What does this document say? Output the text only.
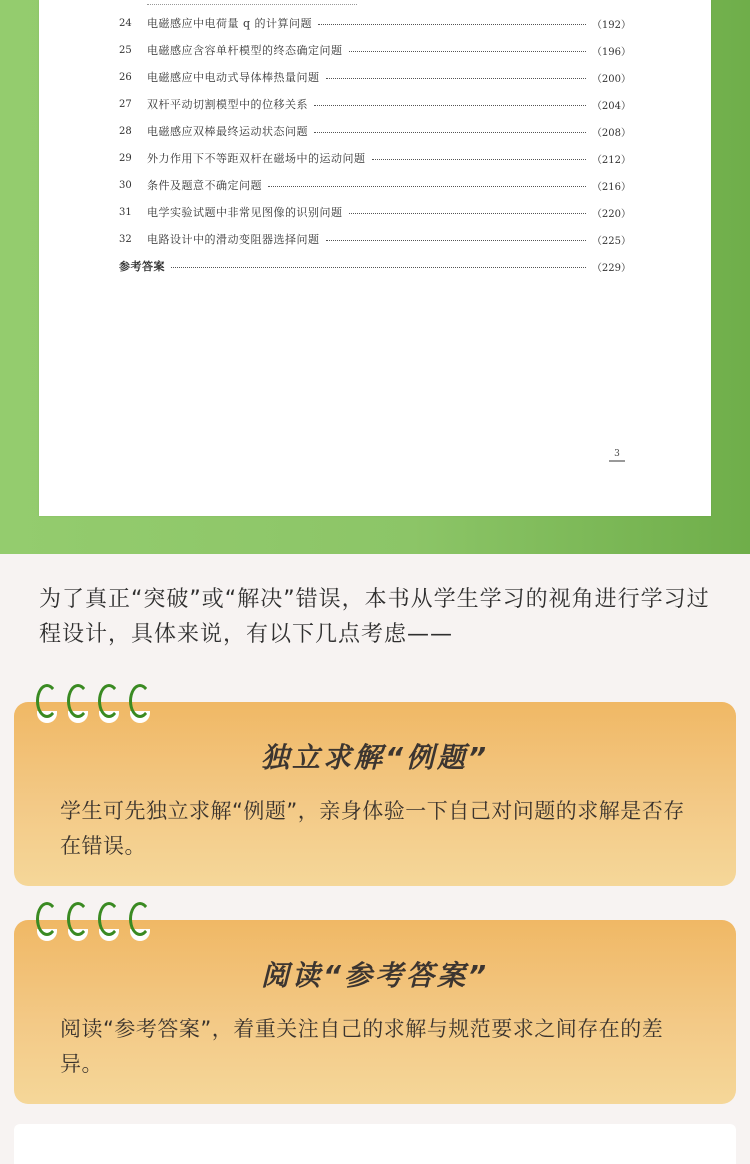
24	电磁感应中电荷量 q 的计算问题	（192）
25	电磁感应含容单杆模型的终态确定问题	（196）
26	电磁感应中电动式导体棒热量问题	（200）
27	双杆平动切割模型中的位移关系	（204）
28	电磁感应双棒最终运动状态问题	（208）
29	外力作用下不等距双杆在磁场中的运动问题	（212）
30	条件及题意不确定问题	（216）
31	电学实验试题中非常见图像的识别问题	（220）
32	电路设计中的滑动变阻器选择问题	（225）
参考答案	（229）
3
为了真正“突破”或“解决”错误，本书从学生学习的视角进行学习过程设计，具体来说，有以下几点考虑——
独立求解“例题”
学生可先独立求解“例题”，亲身体验一下自己对问题的求解是否存在错误。
阅读“参考答案”
阅读“参考答案”，着重关注自己的求解与规范要求之间存在的差异。
